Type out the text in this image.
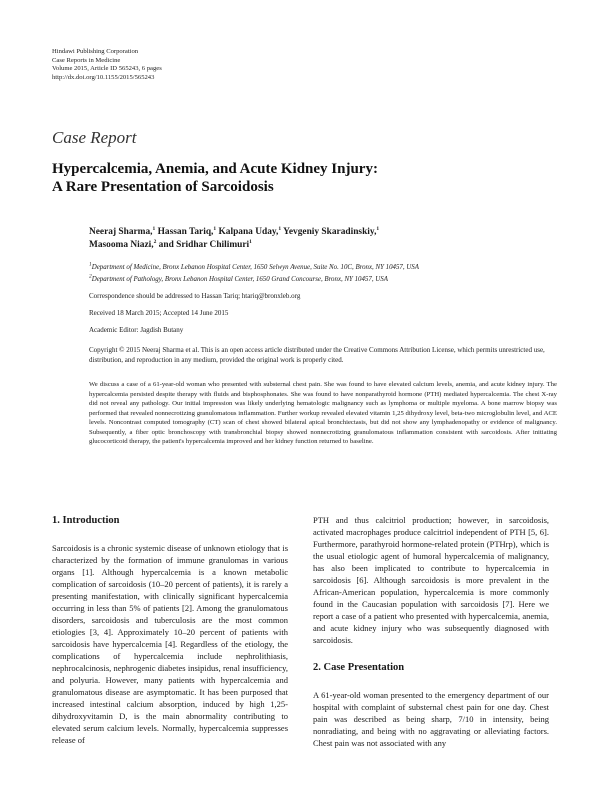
Hindawi Publishing Corporation
Case Reports in Medicine
Volume 2015, Article ID 565243, 6 pages
http://dx.doi.org/10.1155/2015/565243
Case Report
Hypercalcemia, Anemia, and Acute Kidney Injury:
A Rare Presentation of Sarcoidosis
Neeraj Sharma,$^1$ Hassan Tariq,$^1$ Kalpana Uday,$^1$ Yevgeniy Skaradinskiy,$^1$
Masooma Niazi,$^2$ and Sridhar Chilimuri$^1$
$^1$Department of Medicine, Bronx Lebanon Hospital Center, 1650 Selwyn Avenue, Suite No. 10C, Bronx, NY 10457, USA
$^2$Department of Pathology, Bronx Lebanon Hospital Center, 1650 Grand Concourse, Bronx, NY 10457, USA
Correspondence should be addressed to Hassan Tariq; htariq@bronxleb.org
Received 18 March 2015; Accepted 14 June 2015
Academic Editor: Jagdish Butany
Copyright © 2015 Neeraj Sharma et al. This is an open access article distributed under the Creative Commons Attribution License, which permits unrestricted use, distribution, and reproduction in any medium, provided the original work is properly cited.
We discuss a case of a 61-year-old woman who presented with substernal chest pain. She was found to have elevated calcium levels, anemia, and acute kidney injury. The hypercalcemia persisted despite therapy with fluids and bisphosphonates. She was found to have nonparathyroid hormone (PTH) mediated hypercalcemia. The chest X-ray did not reveal any pathology. Our initial impression was likely underlying hematologic malignancy such as lymphoma or multiple myeloma. A bone marrow biopsy was performed that revealed nonnecrotizing granulomatous inflammation. Further workup revealed elevated vitamin 1,25 dihydroxy level, beta-two microglobulin level, and ACE levels. Noncontrast computed tomography (CT) scan of chest showed bilateral apical bronchiectasis, but did not show any lymphadenopathy or evidence of malignancy. Subsequently, a fiber optic bronchoscopy with transbronchial biopsy showed nonnecrotizing granulomatous inflammation consistent with sarcoidosis. After initiating glucocorticoid therapy, the patient's hypercalcemia improved and her kidney function returned to baseline.
1. Introduction

Sarcoidosis is a chronic systemic disease of unknown etiology that is characterized by the formation of immune granulomas in various organs [1]. Although hypercalcemia is a known metabolic complication of sarcoidosis (10–20 percent of patients), it is rarely a presenting manifestation, with clinically significant hypercalcemia occurring in less than 5% of patients [2]. Among the granulomatous disorders, sarcoidosis and tuberculosis are the most common etiologies [3, 4]. Approximately 10–20 percent of patients with sarcoidosis have hypercalcemia [4]. Regardless of the etiology, the complications of hypercalcemia include nephrolithiasis, nephrocalcinosis, nephrogenic diabetes insipidus, renal insufficiency, and polyuria. However, many patients with hypercalcemia and granulomatous disease are asymptomatic. It has been purposed that increased intestinal calcium absorption, induced by high 1,25-dihydroxyvitamin D, is the main abnormality contributing to elevated serum calcium levels. Normally, hypercalcemia suppresses release of

PTH and thus calcitriol production; however, in sarcoidosis, activated macrophages produce calcitriol independent of PTH [5, 6]. Furthermore, parathyroid hormone-related protein (PTHrp), which is the usual etiologic agent of humoral hypercalcemia of malignancy, has also been implicated to contribute to hypercalcemia in sarcoidosis [6]. Although sarcoidosis is more prevalent in the African-American population, hypercalcemia is more commonly found in the Caucasian population with sarcoidosis [7]. Here we report a case of a patient who presented with hypercalcemia, anemia, and acute kidney injury who was subsequently diagnosed with sarcoidosis.

2. Case Presentation

A 61-year-old woman presented to the emergency department of our hospital with complaint of substernal chest pain for one day. Chest pain was described as being sharp, 7/10 in intensity, being nonradiating, and being with no aggravating or alleviating factors. Chest pain was not associated with any
